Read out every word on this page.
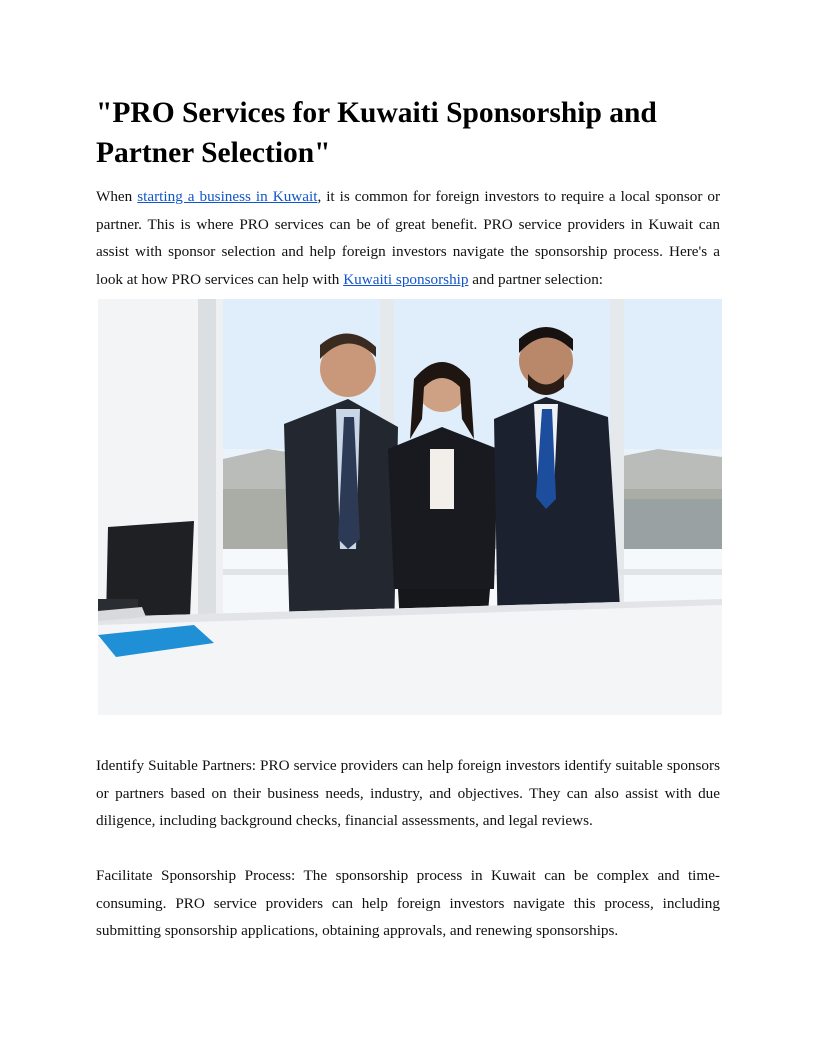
"PRO Services for Kuwaiti Sponsorship and Partner Selection"

When starting a business in Kuwait, it is common for foreign investors to require a local sponsor or partner. This is where PRO services can be of great benefit. PRO service providers in Kuwait can assist with sponsor selection and help foreign investors navigate the sponsorship process. Here's a look at how PRO services can help with Kuwaiti sponsorship and partner selection:

Identify Suitable Partners: PRO service providers can help foreign investors identify suitable sponsors or partners based on their business needs, industry, and objectives. They can also assist with due diligence, including background checks, financial assessments, and legal reviews.

Facilitate Sponsorship Process: The sponsorship process in Kuwait can be complex and time-consuming. PRO service providers can help foreign investors navigate this process, including submitting sponsorship applications, obtaining approvals, and renewing sponsorships.
